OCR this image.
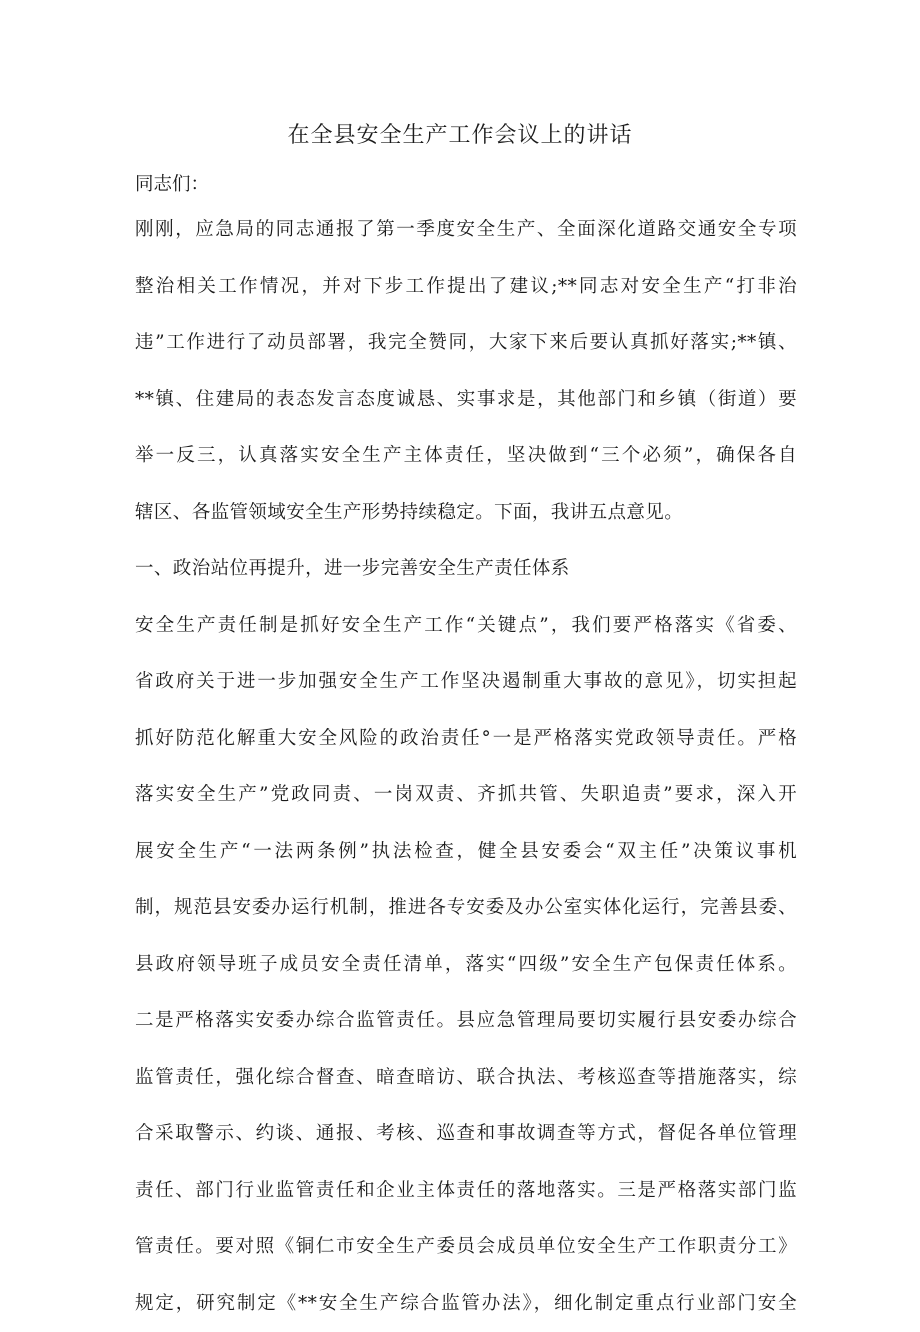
在全县安全生产工作会议上的讲话

同志们：

刚刚，应急局的同志通报了第一季度安全生产、全面深化道路交通安全专项
整治相关工作情况，并对下步工作提出了建议;**同志对安全生产“打非治
违”工作进行了动员部署，我完全赞同，大家下来后要认真抓好落实;**镇、
**镇、住建局的表态发言态度诚恳、实事求是，其他部门和乡镇（街道）要
举一反三，认真落实安全生产主体责任，坚决做到“三个必须”，确保各自
辖区、各监管领域安全生产形势持续稳定。下面，我讲五点意见。
一、政治站位再提升，进一步完善安全生产责任体系
安全生产责任制是抓好安全生产工作“关键点”，我们要严格落实《省委、
省政府关于进一步加强安全生产工作坚决遏制重大事故的意见》，切实担起
抓好防范化解重大安全风险的政治责任°一是严格落实党政领导责任。严格
落实安全生产”党政同责、一岗双责、齐抓共管、失职追责”要求，深入开
展安全生产“一法两条例”执法检查，健全县安委会“双主任”决策议事机
制，规范县安委办运行机制，推进各专安委及办公室实体化运行，完善县委、
县政府领导班子成员安全责任清单，落实“四级”安全生产包保责任体系。
二是严格落实安委办综合监管责任。县应急管理局要切实履行县安委办综合
监管责任，强化综合督查、暗查暗访、联合执法、考核巡查等措施落实，综
合采取警示、约谈、通报、考核、巡查和事故调查等方式，督促各单位管理
责任、部门行业监管责任和企业主体责任的落地落实。三是严格落实部门监
管责任。要对照《铜仁市安全生产委员会成员单位安全生产工作职责分工》
规定，研究制定《**安全生产综合监管办法》，细化制定重点行业部门安全
